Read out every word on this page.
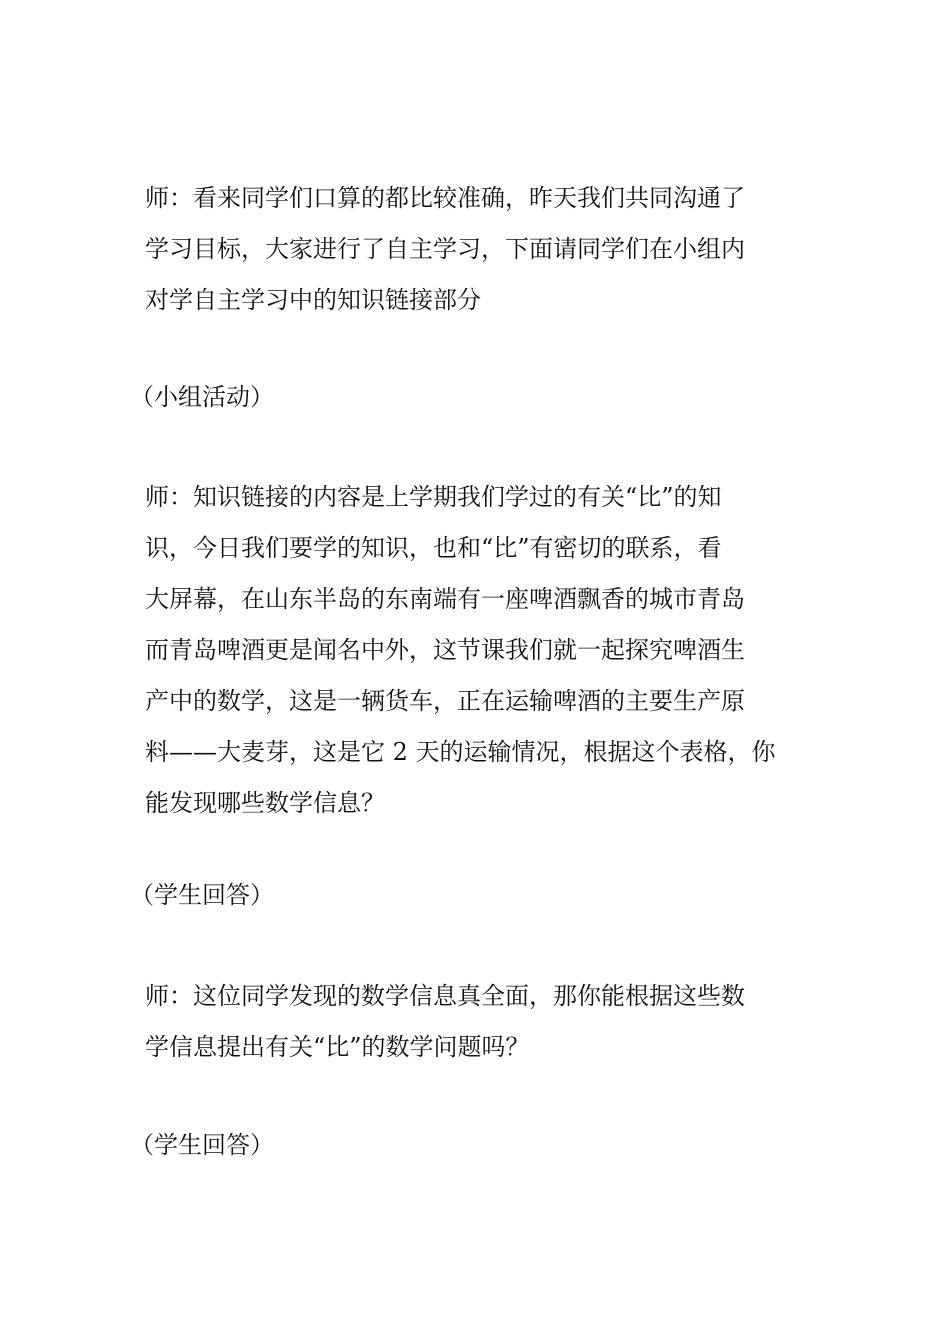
师：看来同学们口算的都比较准确，昨天我们共同沟通了
学习目标，大家进行了自主学习，下面请同学们在小组内
对学自主学习中的知识链接部分
（小组活动）
师：知识链接的内容是上学期我们学过的有关“比”的知
识，今日我们要学的知识，也和“比”有密切的联系，看
大屏幕，在山东半岛的东南端有一座啤酒飘香的城市青岛
而青岛啤酒更是闻名中外，这节课我们就一起探究啤酒生
产中的数学，这是一辆货车，正在运输啤酒的主要生产原
料——大麦芽，这是它 2 天的运输情况，根据这个表格，你
能发现哪些数学信息？
（学生回答）
师：这位同学发现的数学信息真全面，那你能根据这些数
学信息提出有关“比”的数学问题吗？
（学生回答）
